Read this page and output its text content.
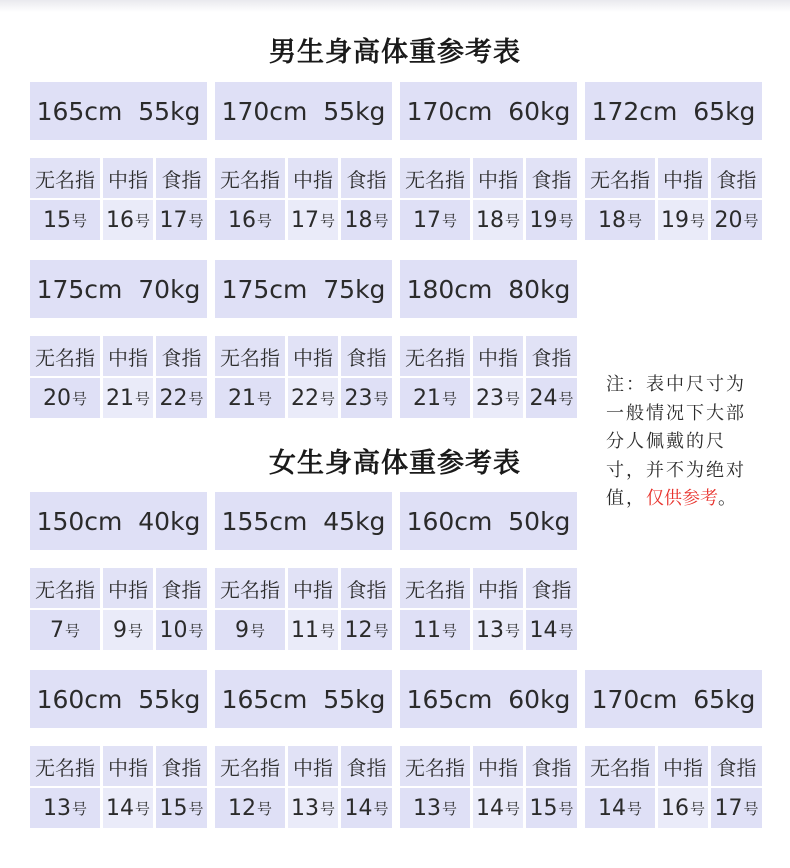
男生身高体重参考表
165cm  55kg
无名指 中指 食指
15 号 16 号 17 号
170cm  55kg
无名指 中指 食指
16 号 17 号 18 号
170cm  60kg
无名指 中指 食指
17 号 18 号 19 号
172cm  65kg
无名指 中指 食指
18 号 19 号 20 号
175cm  70kg
无名指 中指 食指
20 号 21 号 22 号
175cm  75kg
无名指 中指 食指
21 号 22 号 23 号
180cm  80kg
无名指 中指 食指
21 号 23 号 24 号
女生身高体重参考表
150cm  40kg
无名指 中指 食指
7 号 9 号 10 号
155cm  45kg
无名指 中指 食指
9 号 11 号 12 号
160cm  50kg
无名指 中指 食指
11 号 13 号 14 号
160cm  55kg
无名指 中指 食指
13 号 14 号 15 号
165cm  55kg
无名指 中指 食指
12 号 13 号 14 号
165cm  60kg
无名指 中指 食指
13 号 14 号 15 号
170cm  65kg
无名指 中指 食指
14 号 16 号 17 号
注：表中尺寸为
一般情况下大部
分人佩戴的尺
寸，并不为绝对
值，仅供参考。
